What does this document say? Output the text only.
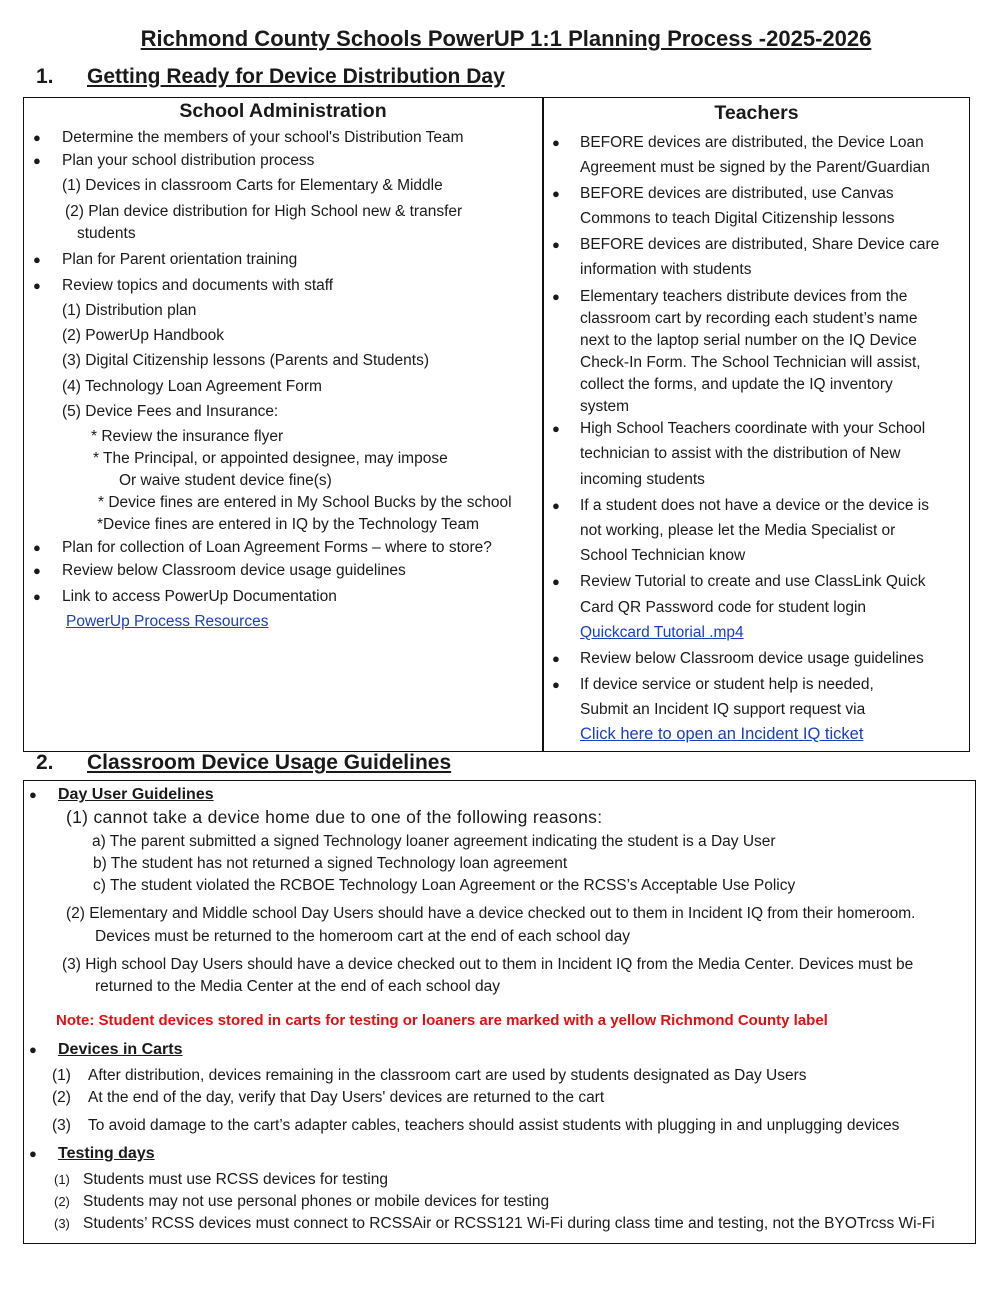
Richmond County Schools PowerUP 1:1 Planning Process -2025-2026
1. Getting Ready for Device Distribution Day
School Administration
● Determine the members of your school's Distribution Team
● Plan your school distribution process
(1) Devices in classroom Carts for Elementary & Middle
(2) Plan device distribution for High School new & transfer
students
● Plan for Parent orientation training
● Review topics and documents with staff
(1) Distribution plan
(2) PowerUp Handbook
(3) Digital Citizenship lessons (Parents and Students)
(4) Technology Loan Agreement Form
(5) Device Fees and Insurance:
* Review the insurance flyer
* The Principal, or appointed designee, may impose
Or waive student device fine(s)
* Device fines are entered in My School Bucks by the school
*Device fines are entered in IQ by the Technology Team
● Plan for collection of Loan Agreement Forms – where to store?
● Review below Classroom device usage guidelines
● Link to access PowerUp Documentation
PowerUp Process Resources
Teachers
● BEFORE devices are distributed, the Device Loan
Agreement must be signed by the Parent/Guardian
● BEFORE devices are distributed, use Canvas
Commons to teach Digital Citizenship lessons
● BEFORE devices are distributed, Share Device care
information with students
● Elementary teachers distribute devices from the
classroom cart by recording each student’s name
next to the laptop serial number on the IQ Device
Check-In Form. The School Technician will assist,
collect the forms, and update the IQ inventory
system
● High School Teachers coordinate with your School
technician to assist with the distribution of New
incoming students
● If a student does not have a device or the device is
not working, please let the Media Specialist or
School Technician know
● Review Tutorial to create and use ClassLink Quick
Card QR Password code for student login
Quickcard Tutorial .mp4
● Review below Classroom device usage guidelines
● If device service or student help is needed,
Submit an Incident IQ support request via
Click here to open an Incident IQ ticket
2. Classroom Device Usage Guidelines
● Day User Guidelines
(1) cannot take a device home due to one of the following reasons:
a) The parent submitted a signed Technology loaner agreement indicating the student is a Day User
b) The student has not returned a signed Technology loan agreement
c) The student violated the RCBOE Technology Loan Agreement or the RCSS’s Acceptable Use Policy
(2) Elementary and Middle school Day Users should have a device checked out to them in Incident IQ from their homeroom.
Devices must be returned to the homeroom cart at the end of each school day
(3) High school Day Users should have a device checked out to them in Incident IQ from the Media Center. Devices must be
returned to the Media Center at the end of each school day
Note: Student devices stored in carts for testing or loaners are marked with a yellow Richmond County label
● Devices in Carts
(1) After distribution, devices remaining in the classroom cart are used by students designated as Day Users
(2) At the end of the day, verify that Day Users' devices are returned to the cart
(3) To avoid damage to the cart’s adapter cables, teachers should assist students with plugging in and unplugging devices
● Testing days
(1) Students must use RCSS devices for testing
(2) Students may not use personal phones or mobile devices for testing
(3) Students’ RCSS devices must connect to RCSSAir or RCSS121 Wi-Fi during class time and testing, not the BYOTrcss Wi-Fi
